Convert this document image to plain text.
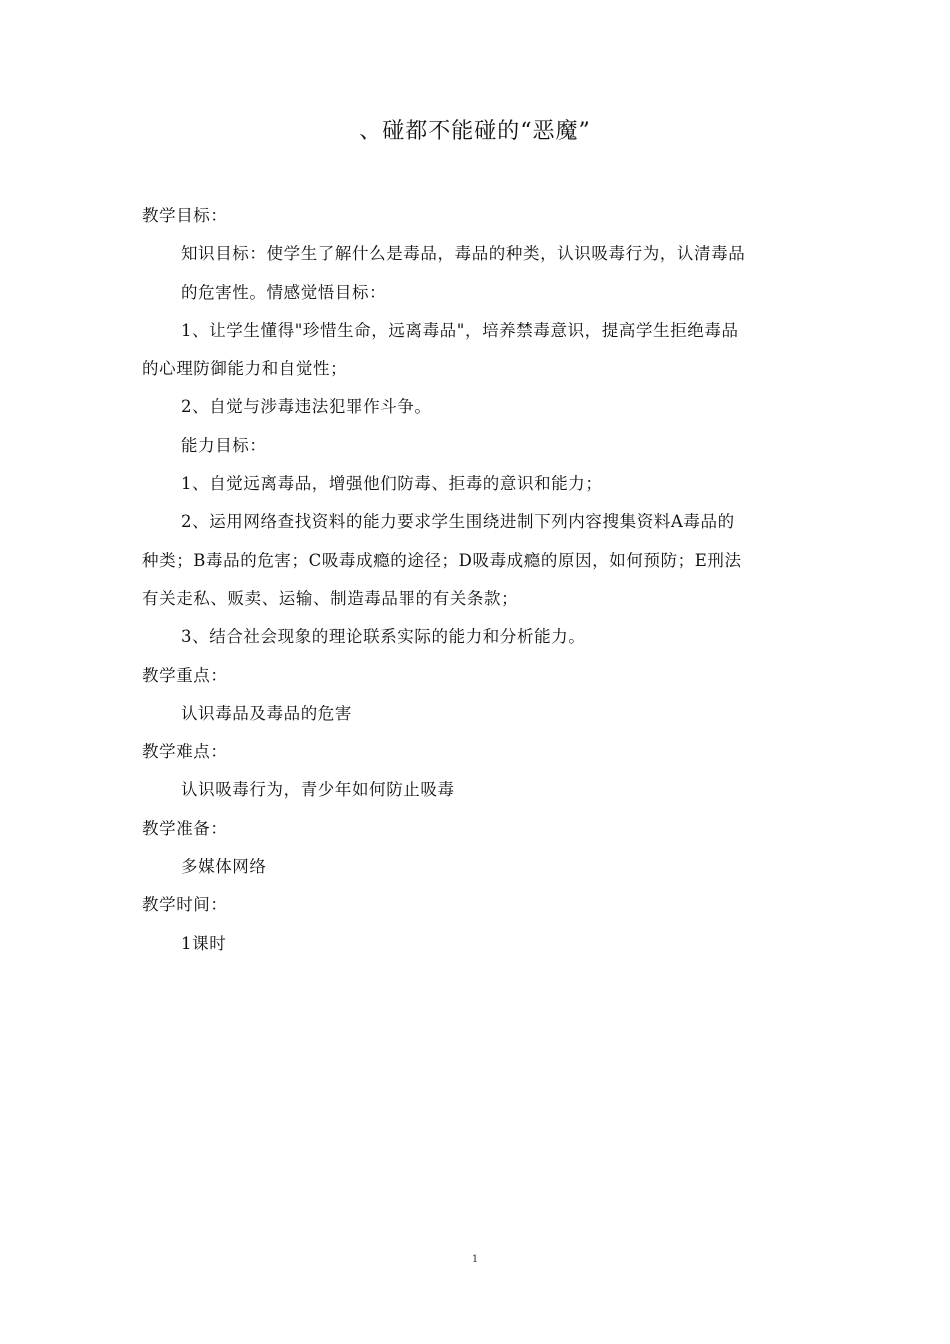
、碰都不能碰的“恶魔”
教学目标：
知识目标：使学生了解什么是毒品，毒品的种类，认识吸毒行为，认清毒品
的危害性。情感觉悟目标：
1、让学生懂得"珍惜生命，远离毒品"，培养禁毒意识，提高学生拒绝毒品
的心理防御能力和自觉性；
2、自觉与涉毒违法犯罪作斗争。
能力目标：
1、自觉远离毒品，增强他们防毒、拒毒的意识和能力；
2、运用网络查找资料的能力要求学生围绕进制下列内容搜集资料A毒品的
种类；B毒品的危害；C吸毒成瘾的途径；D吸毒成瘾的原因，如何预防；E刑法
有关走私、贩卖、运输、制造毒品罪的有关条款；
3、结合社会现象的理论联系实际的能力和分析能力。
教学重点：
认识毒品及毒品的危害
教学难点：
认识吸毒行为，青少年如何防止吸毒
教学准备：
多媒体网络
教学时间：
1课时
1
